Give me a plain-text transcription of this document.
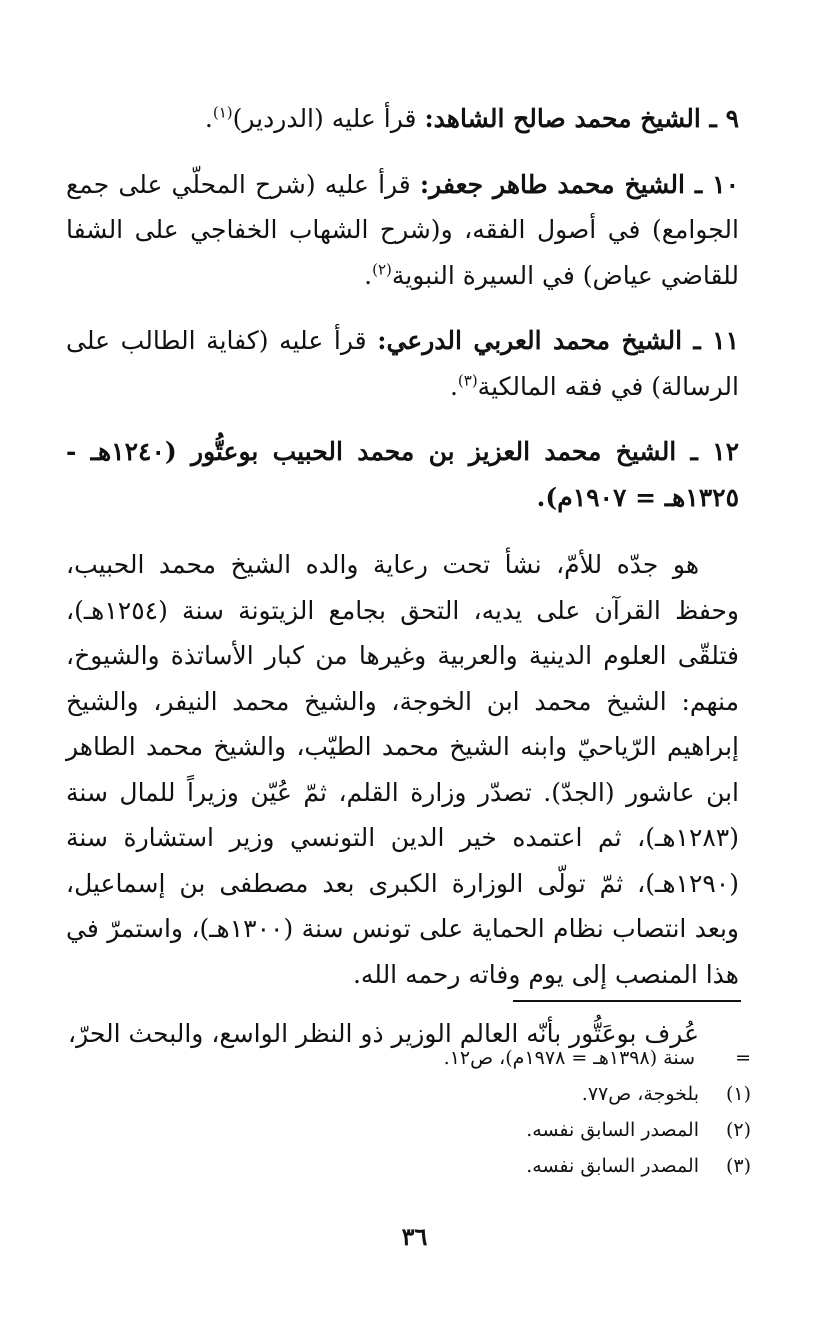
٩ ـ الشيخ محمد صالح الشاهد: قرأ عليه (الدردير)$^{(١)}$.

١٠ ـ الشيخ محمد طاهر جعفر: قرأ عليه (شرح المحلّي على جمع الجوامع) في أصول الفقه، و(شرح الشهاب الخفاجي على الشفا للقاضي عياض) في السيرة النبوية$^{(٢)}$.

١١ ـ الشيخ محمد العربي الدرعي: قرأ عليه (كفاية الطالب على الرسالة) في فقه المالكية$^{(٣)}$.

١٢ ـ الشيخ محمد العزيز بن محمد الحبيب بوعتُّور (١٢٤٠هـ - ١٣٢٥هـ = ١٩٠٧م).

هو جدّه للأمّ، نشأ تحت رعاية والده الشيخ محمد الحبيب، وحفظ القرآن على يديه، التحق بجامع الزيتونة سنة (١٢٥٤هـ)، فتلقّى العلوم الدينية والعربية وغيرها من كبار الأساتذة والشيوخ، منهم: الشيخ محمد ابن الخوجة، والشيخ محمد النيفر، والشيخ إبراهيم الرّياحيّ وابنه الشيخ محمد الطيّب، والشيخ محمد الطاهر ابن عاشور (الجدّ). تصدّر وزارة القلم، ثمّ عُيّن وزيراً للمال سنة (١٢٨٣هـ)، ثم اعتمده خير الدين التونسي وزير استشارة سنة (١٢٩٠هـ)، ثمّ تولّى الوزارة الكبرى بعد مصطفى بن إسماعيل، وبعد انتصاب نظام الحماية على تونس سنة (١٣٠٠هـ)، واستمرّ في هذا المنصب إلى يوم وفاته رحمه الله.

عُرف بوعَتُّور بأنّه العالم الوزير ذو النظر الواسع، والبحث الحرّ،

=
سنة (١٣٩٨هـ = ١٩٧٨م)، ص١٢.
(١)
بلخوجة، ص٧٧.
(٢)
المصدر السابق نفسه.
(٣)
المصدر السابق نفسه.
٣٦
